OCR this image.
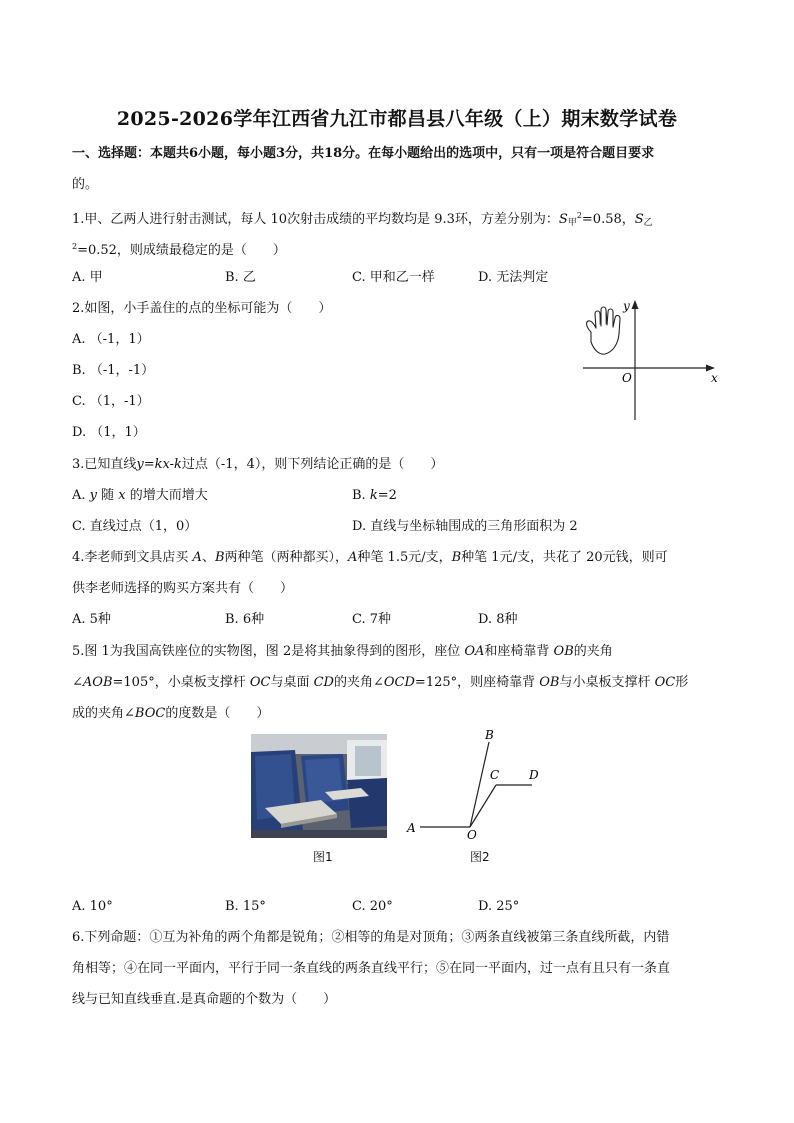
2025-2026学年江西省九江市都昌县八年级（上）期末数学试卷
一、选择题：本题共6小题，每小题3分，共18分。在每小题给出的选项中，只有一项是符合题目要求
的。
1.甲、乙两人进行射击测试，每人 10次射击成绩的平均数均是 9.3环，方差分别为：$S_甲^2=0.58$，$S_乙$
$^2$=0.52，则成绩最稳定的是（　　）
A. 甲	B. 乙	C. 甲和乙一样	D. 无法判定
2.如图，小手盖住的点的坐标可能为（　　）
A. （-1，1）
B. （-1，-1）
C. （1，-1）
D. （1，1）
y
x
O
3.已知直线y=kx-k过点（-1，4），则下列结论正确的是（　　）
A. y 随 x 的增大而增大	B. k=2
C. 直线过点（1，0）	D. 直线与坐标轴围成的三角形面积为 2
4.李老师到文具店买 A、B两种笔（两种都买），A种笔 1.5元/支，B种笔 1元/支，共花了 20元钱，则可
供李老师选择的购买方案共有（　　）
A. 5种	B. 6种	C. 7种	D. 8种
5.图 1为我国高铁座位的实物图，图 2是将其抽象得到的图形，座位 OA和座椅靠背 OB的夹角
∠AOB=105°，小桌板支撑杆 OC与桌面 CD的夹角∠OCD=125°，则座椅靠背 OB与小桌板支撑杆 OC形
成的夹角∠BOC的度数是（　　）
图1
A
B
C D
O
图2
A. 10°	B. 15°	C. 20°	D. 25°
6.下列命题：①互为补角的两个角都是锐角；②相等的角是对顶角；③两条直线被第三条直线所截，内错
角相等；④在同一平面内，平行于同一条直线的两条直线平行；⑤在同一平面内，过一点有且只有一条直
线与已知直线垂直.是真命题的个数为（　　）
